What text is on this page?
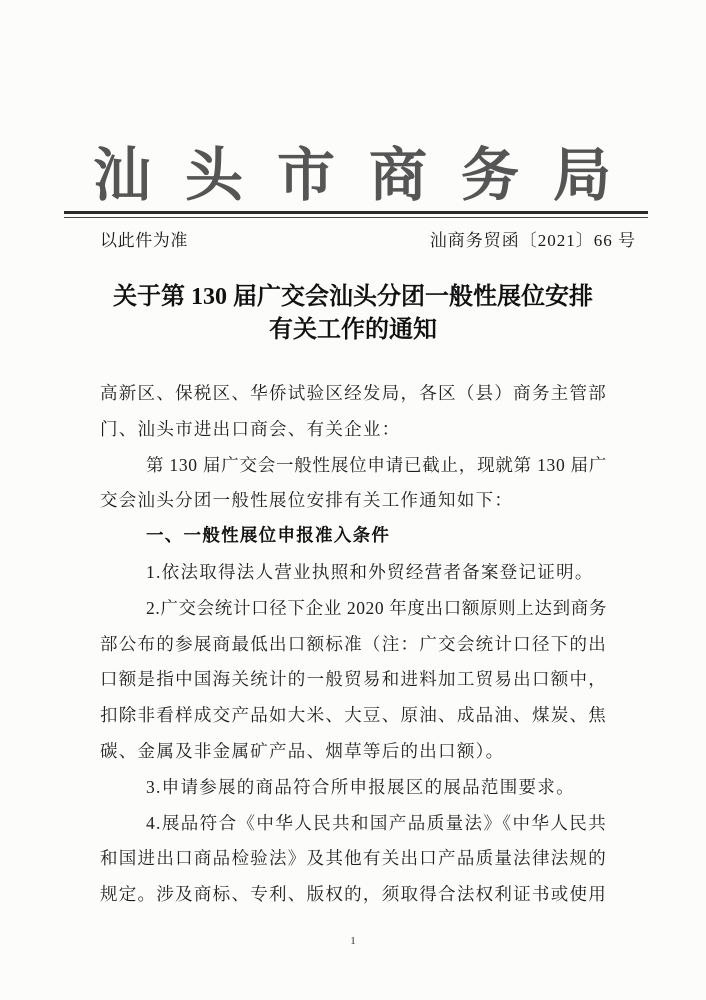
汕头市商务局
以此件为准	汕商务贸函〔2021〕66 号
关于第 130 届广交会汕头分团一般性展位安排
有关工作的通知
高新区、保税区、华侨试验区经发局，各区（县）商务主管部
门、汕头市进出口商会、有关企业：
第 130 届广交会一般性展位申请已截止，现就第 130 届广
交会汕头分团一般性展位安排有关工作通知如下：
一、一般性展位申报准入条件
1.依法取得法人营业执照和外贸经营者备案登记证明。
2.广交会统计口径下企业 2020 年度出口额原则上达到商务
部公布的参展商最低出口额标准（注：广交会统计口径下的出
口额是指中国海关统计的一般贸易和进料加工贸易出口额中，
扣除非看样成交产品如大米、大豆、原油、成品油、煤炭、焦
碳、金属及非金属矿产品、烟草等后的出口额）。
3.申请参展的商品符合所申报展区的展品范围要求。
4.展品符合《中华人民共和国产品质量法》《中华人民共
和国进出口商品检验法》及其他有关出口产品质量法律法规的
规定。涉及商标、专利、版权的，须取得合法权利证书或使用
1
